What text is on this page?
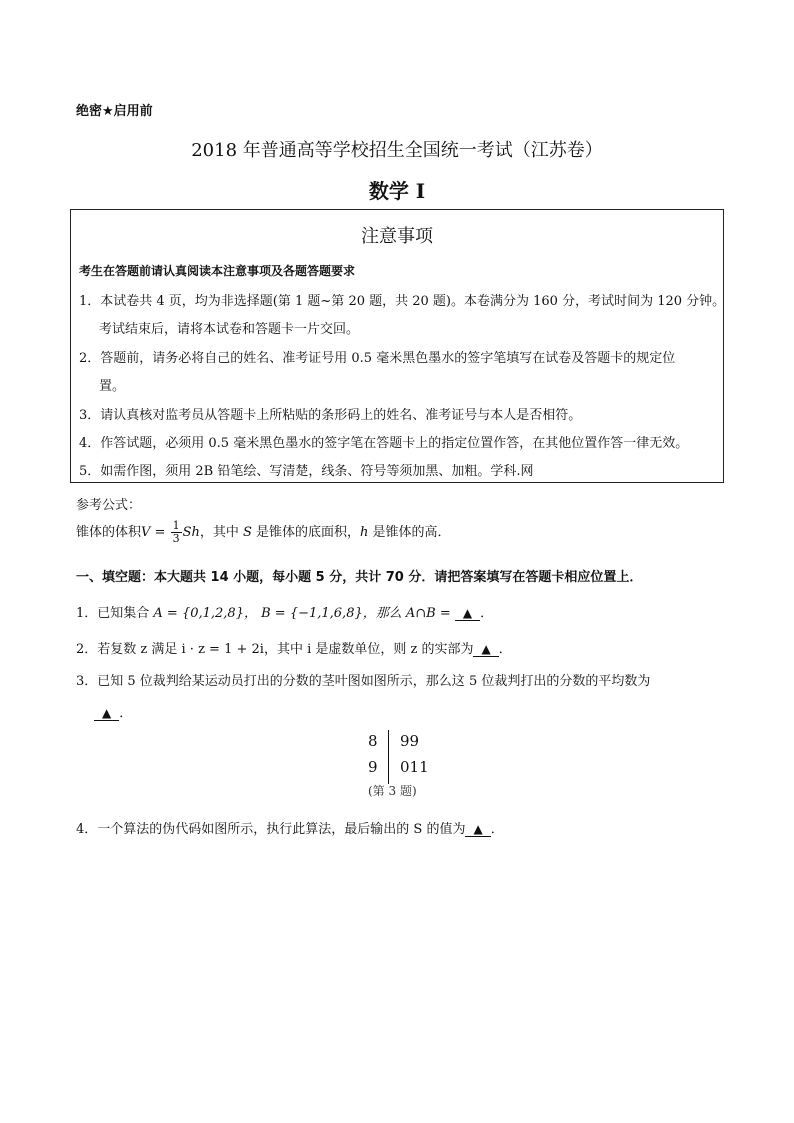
绝密★启用前
2018 年普通高等学校招生全国统一考试（江苏卷）
数学 Ⅰ
注意事项
考生在答题前请认真阅读本注意事项及各题答题要求
1．本试卷共 4 页，均为非选择题(第 1 题~第 20 题，共 20 题)。本卷满分为 160 分，考试时间为 120 分钟。
考试结束后，请将本试卷和答题卡一片交回。
2．答题前，请务必将自己的姓名、准考证号用 0.5 毫米黑色墨水的签字笔填写在试卷及答题卡的规定位
置。
3．请认真核对监考员从答题卡上所粘贴的条形码上的姓名、准考证号与本人是否相符。
4．作答试题，必须用 0.5 毫米黑色墨水的签字笔在答题卡上的指定位置作答，在其他位置作答一律无效。
5．如需作图，须用 2B 铅笔绘、写清楚，线条、符号等须加黑、加粗。学科.网
参考公式：
锥体的体积$V = \frac{1}{3}$ Sh，其中 S 是锥体的底面积，h 是锥体的高．
一、填空题：本大题共 14 小题，每小题 5 分，共计 70 分．请把答案填写在答题卡相应位置上．
1．已知集合 A = {0,1,2,8}， B = {−1,1,6,8}，那么 A∩B = ▲ ．
2．若复数 z 满足 i · z = 1 + 2i，其中 i 是虚数单位，则 z 的实部为 ▲ ．
3．已知 5 位裁判给某运动员打出的分数的茎叶图如图所示，那么这 5 位裁判打出的分数的平均数为
▲ ．
8 99
9 011
(第 3 题)
4．一个算法的伪代码如图所示，执行此算法，最后输出的 S 的值为 ▲ ．
